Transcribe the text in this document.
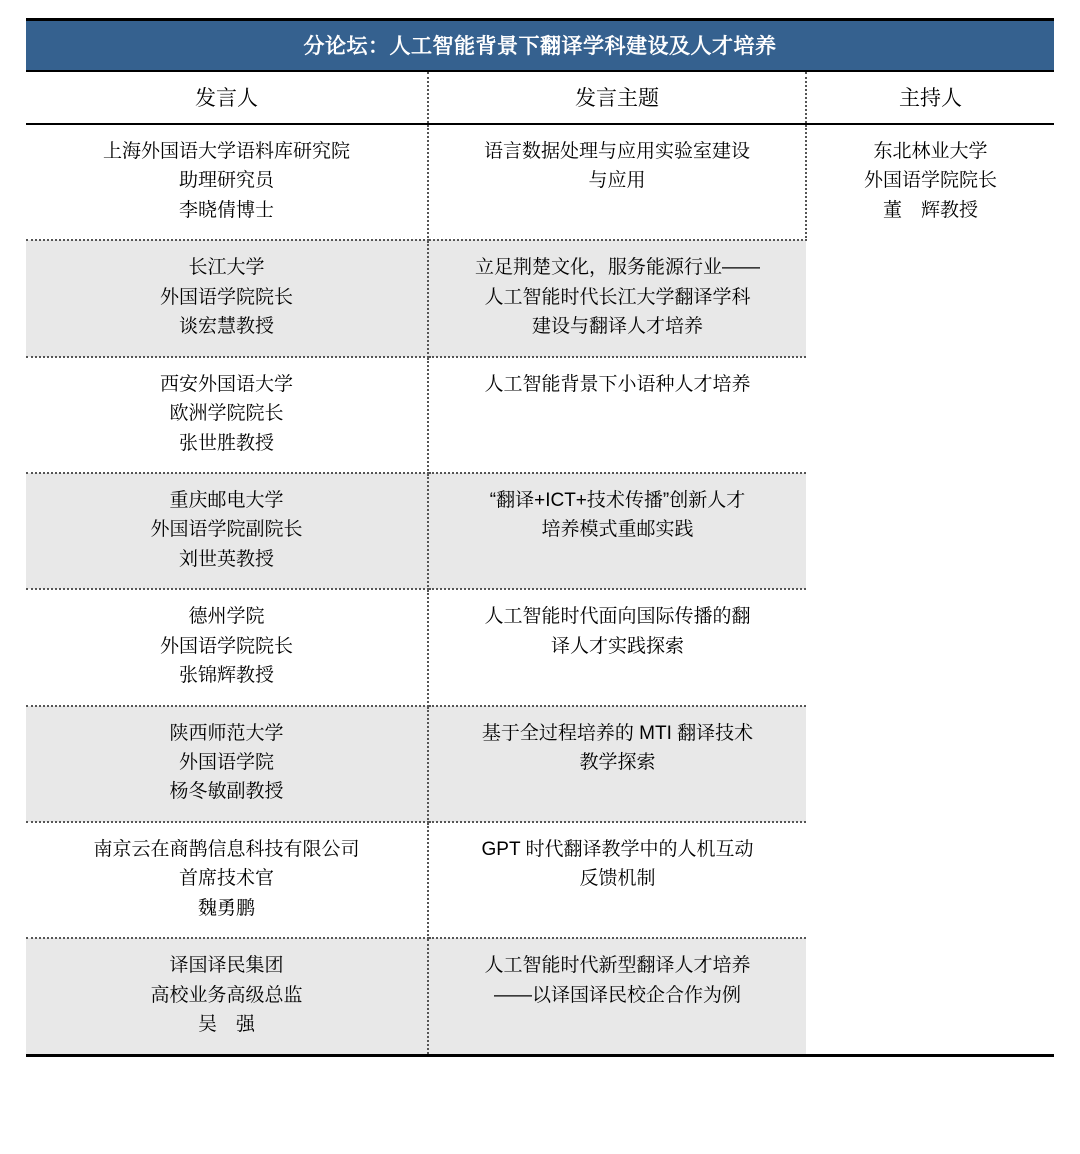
分论坛：人工智能背景下翻译学科建设及人才培养		
发言人	发言主题	主持人

上海外国语大学语料库研究院
助理研究员
李晓倩博士	语言数据处理与应用实验室建设
与应用	东北林业大学
外国语学院院长
董　辉教授

长江大学
外国语学院院长
谈宏慧教授	立足荆楚文化，服务能源行业——
人工智能时代长江大学翻译学科
建设与翻译人才培养	

西安外国语大学
欧洲学院院长
张世胜教授	人工智能背景下小语种人才培养	

重庆邮电大学
外国语学院副院长
刘世英教授	“翻译+ICT+技术传播”创新人才
培养模式重邮实践	

德州学院
外国语学院院长
张锦辉教授	人工智能时代面向国际传播的翻
译人才实践探索	

陕西师范大学
外国语学院
杨冬敏副教授	基于全过程培养的 MTI 翻译技术
教学探索	

南京云在商鹊信息科技有限公司
首席技术官
魏勇鹏	GPT 时代翻译教学中的人机互动
反馈机制	

译国译民集团
高校业务高级总监
吴　强	人工智能时代新型翻译人才培养
——以译国译民校企合作为例	
